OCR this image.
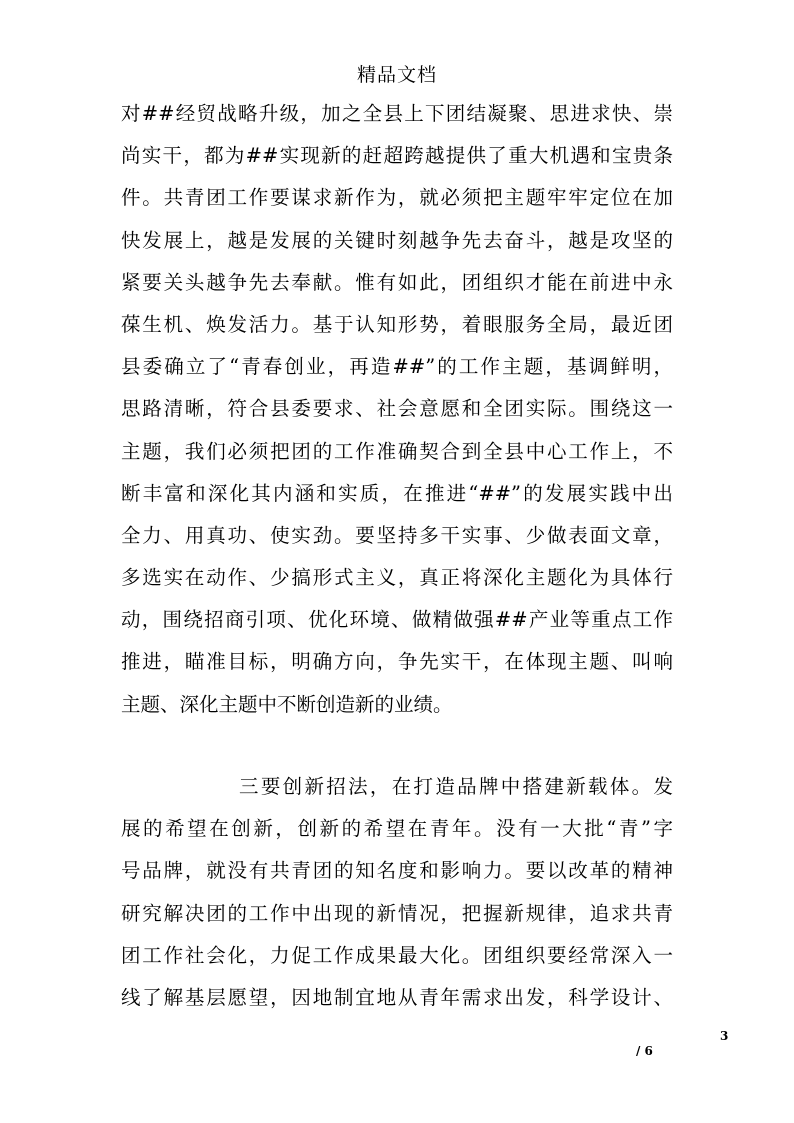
精品文档
对##经贸战略升级，加之全县上下团结凝聚、思进求快、崇
尚实干，都为##实现新的赶超跨越提供了重大机遇和宝贵条
件。共青团工作要谋求新作为，就必须把主题牢牢定位在加
快发展上，越是发展的关键时刻越争先去奋斗，越是攻坚的
紧要关头越争先去奉献。惟有如此，团组织才能在前进中永
葆生机、焕发活力。基于认知形势，着眼服务全局，最近团
县委确立了“青春创业，再造##”的工作主题，基调鲜明，
思路清晰，符合县委要求、社会意愿和全团实际。围绕这一
主题，我们必须把团的工作准确契合到全县中心工作上，不
断丰富和深化其内涵和实质，在推进“##”的发展实践中出
全力、用真功、使实劲。要坚持多干实事、少做表面文章，
多选实在动作、少搞形式主义，真正将深化主题化为具体行
动，围绕招商引项、优化环境、做精做强##产业等重点工作
推进，瞄准目标，明确方向，争先实干，在体现主题、叫响
主题、深化主题中不断创造新的业绩。
三要创新招法，在打造品牌中搭建新载体。发
展的希望在创新，创新的希望在青年。没有一大批“青”字
号品牌，就没有共青团的知名度和影响力。要以改革的精神
研究解决团的工作中出现的新情况，把握新规律，追求共青
团工作社会化，力促工作成果最大化。团组织要经常深入一
线了解基层愿望，因地制宜地从青年需求出发，科学设计、
3
/ 6
